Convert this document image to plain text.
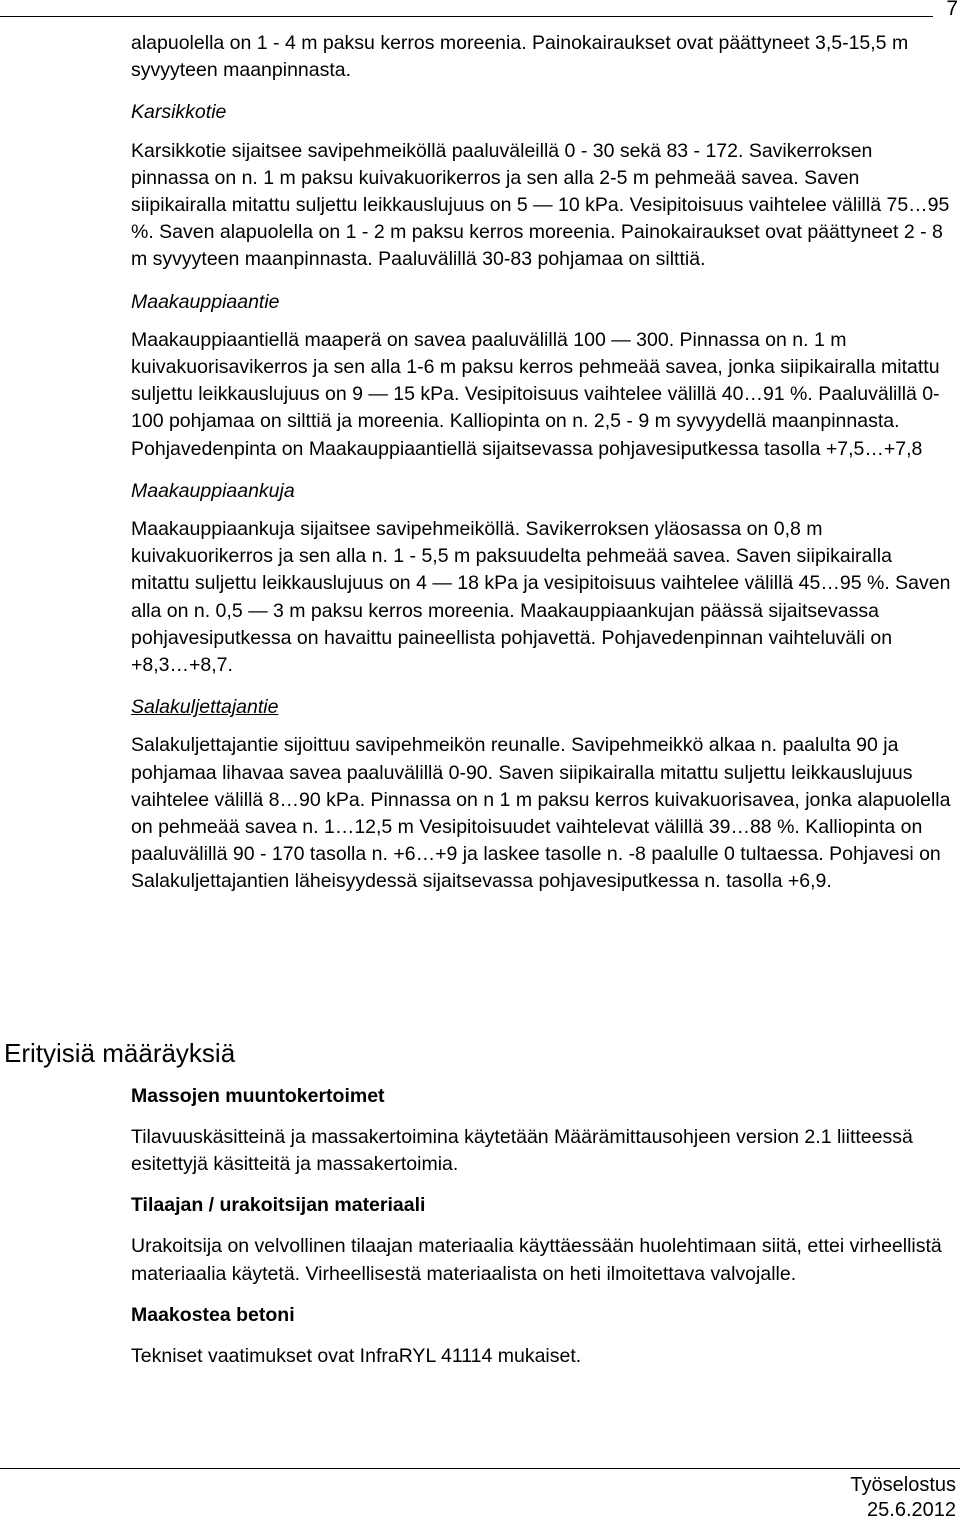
7

alapuolella on 1 - 4 m paksu kerros moreenia. Painokairaukset ovat päättyneet 3,5-15,5 m syvyyteen maanpinnasta.

Karsikkotie

Karsikkotie sijaitsee savipehmeiköllä paaluväleillä 0 - 30 sekä 83 - 172. Savikerroksen pinnassa on n. 1 m paksu kuivakuorikerros ja sen alla 2-5 m pehmeää savea. Saven siipikairalla mitattu suljettu leikkauslujuus on 5 — 10 kPa. Vesipitoisuus vaihtelee välillä 75…95 %. Saven alapuolella on 1 - 2 m paksu kerros moreenia. Painokairaukset ovat päättyneet 2 - 8 m syvyyteen maanpinnasta. Paaluvälillä 30-83 pohjamaa on silttiä.

Maakauppiaantie

Maakauppiaantiellä maaperä on savea paaluvälillä 100 — 300. Pinnassa on n. 1 m kuivakuorisavikerros ja sen alla 1-6 m paksu kerros pehmeää savea, jonka siipikairalla mitattu suljettu leikkauslujuus on 9 — 15 kPa. Vesipitoisuus vaihtelee välillä 40…91 %. Paaluvälillä 0-100 pohjamaa on silttiä ja moreenia. Kalliopinta on n. 2,5 - 9 m syvyydellä maanpinnasta. Pohjavedenpinta on Maakauppiaantiellä sijaitsevassa pohjavesiputkessa tasolla +7,5…+7,8

Maakauppiaankuja

Maakauppiaankuja sijaitsee savipehmeiköllä. Savikerroksen yläosassa on 0,8 m kuivakuorikerros ja sen alla n. 1 - 5,5 m paksuudelta pehmeää savea. Saven siipikairalla mitattu suljettu leikkauslujuus on 4 — 18 kPa ja vesipitoisuus vaihtelee välillä 45…95 %. Saven alla on n. 0,5 — 3 m paksu kerros moreenia. Maakauppiaankujan päässä sijaitsevassa pohjavesiputkessa on havaittu paineellista pohjavettä. Pohjavedenpinnan vaihteluväli on +8,3…+8,7.

Salakuljettajantie

Salakuljettajantie sijoittuu savipehmeikön reunalle. Savipehmeikkö alkaa n. paalulta 90 ja pohjamaa lihavaa savea paaluvälillä 0-90. Saven siipikairalla mitattu suljettu leikkauslujuus vaihtelee välillä 8…90 kPa. Pinnassa on n 1 m paksu kerros kuivakuorisavea, jonka alapuolella on pehmeää savea n. 1…12,5 m Vesipitoisuudet vaihtelevat välillä 39…88 %. Kalliopinta on paaluvälillä 90 - 170 tasolla n. +6…+9 ja laskee tasolle n. -8 paalulle 0 tultaessa. Pohjavesi on Salakuljettajantien läheisyydessä sijaitsevassa pohjavesiputkessa n. tasolla +6,9.

Erityisiä määräyksiä

Massojen muuntokertoimet

Tilavuuskäsitteinä ja massakertoimina käytetään Määrämittausohjeen version 2.1 liitteessä esitettyjä käsitteitä ja massakertoimia.

Tilaajan / urakoitsijan materiaali

Urakoitsija on velvollinen tilaajan materiaalia käyttäessään huolehtimaan siitä, ettei virheellistä materiaalia käytetä. Virheellisestä materiaalista on heti ilmoitettava valvojalle.

Maakostea betoni

Tekniset vaatimukset ovat InfraRYL 41114 mukaiset.

Työselostus
25.6.2012
